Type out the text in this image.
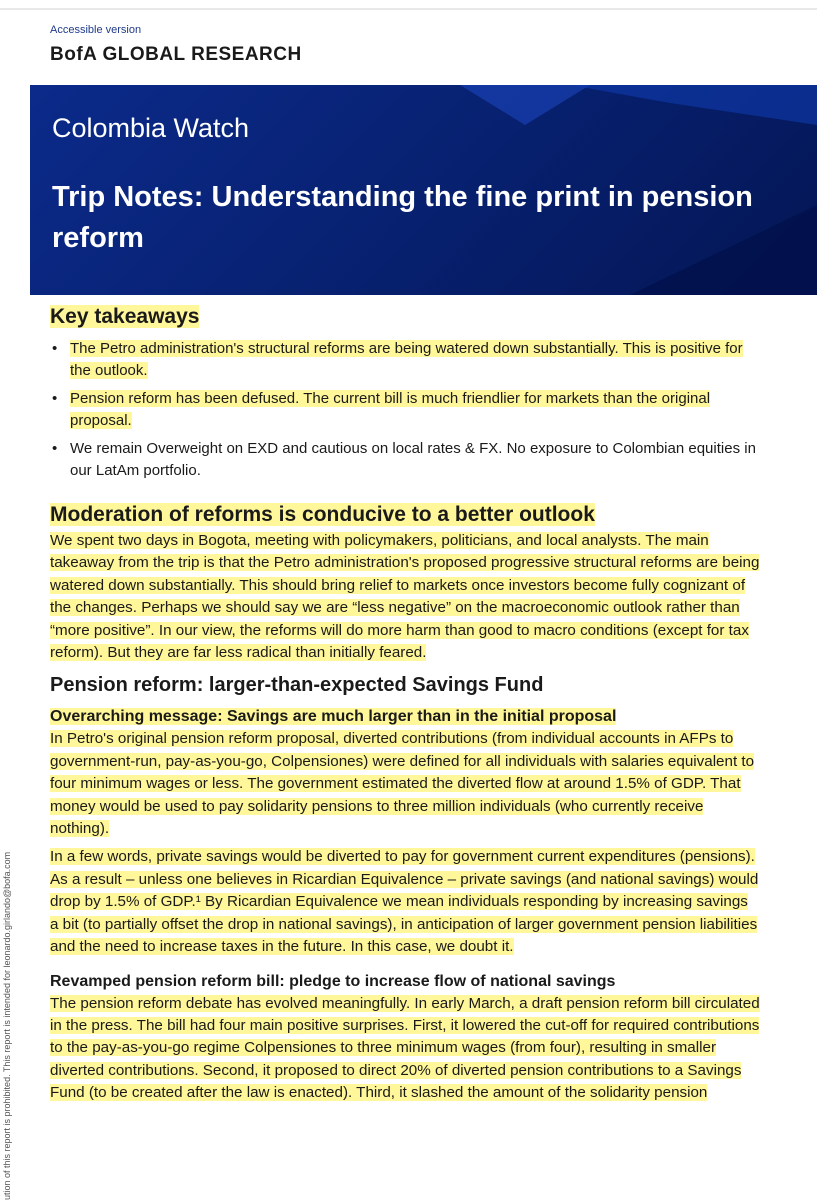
Accessible version
BofA GLOBAL RESEARCH
Colombia Watch
Trip Notes: Understanding the fine print in pension reform
ution of this report is prohibited. This report is intended for leonardo.girlando@bofa.com
Key takeaways
• The Petro administration's structural reforms are being watered down substantially. This is positive for the outlook.
• Pension reform has been defused. The current bill is much friendlier for markets than the original proposal.
• We remain Overweight on EXD and cautious on local rates & FX. No exposure to Colombian equities in our LatAm portfolio.
Moderation of reforms is conducive to a better outlook

We spent two days in Bogota, meeting with policymakers, politicians, and local analysts. The main takeaway from the trip is that the Petro administration's proposed progressive structural reforms are being watered down substantially. This should bring relief to markets once investors become fully cognizant of the changes. Perhaps we should say we are “less negative” on the macroeconomic outlook rather than “more positive”. In our view, the reforms will do more harm than good to macro conditions (except for tax reform). But they are far less radical than initially feared.

Pension reform: larger-than-expected Savings Fund
Overarching message: Savings are much larger than in the initial proposal

In Petro's original pension reform proposal, diverted contributions (from individual accounts in AFPs to government-run, pay-as-you-go, Colpensiones) were defined for all individuals with salaries equivalent to four minimum wages or less. The government estimated the diverted flow at around 1.5% of GDP. That money would be used to pay solidarity pensions to three million individuals (who currently receive nothing).

In a few words, private savings would be diverted to pay for government current expenditures (pensions). As a result – unless one believes in Ricardian Equivalence – private savings (and national savings) would drop by 1.5% of GDP.¹ By Ricardian Equivalence we mean individuals responding by increasing savings a bit (to partially offset the drop in national savings), in anticipation of larger government pension liabilities and the need to increase taxes in the future. In this case, we doubt it.

Revamped pension reform bill: pledge to increase flow of national savings

The pension reform debate has evolved meaningfully. In early March, a draft pension reform bill circulated in the press. The bill had four main positive surprises. First, it lowered the cut-off for required contributions to the pay-as-you-go regime Colpensiones to three minimum wages (from four), resulting in smaller diverted contributions. Second, it proposed to direct 20% of diverted pension contributions to a Savings Fund (to be created after the law is enacted). Third, it slashed the amount of the solidarity pension
